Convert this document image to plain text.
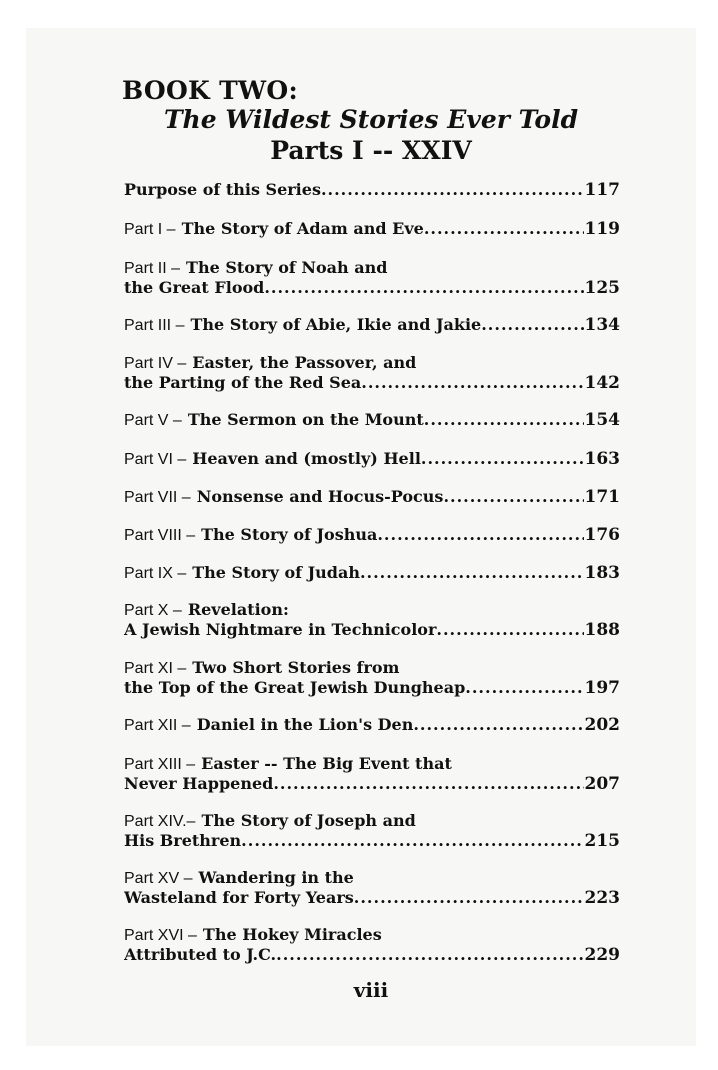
BOOK TWO:
The Wildest Stories Ever Told
Parts I -- XXIV
Purpose of this Series .....	117
Part I – The Story of Adam and Eve .....	119
Part II – The Story of Noah and
the Great Flood .....	125
Part III – The Story of Abie, Ikie and Jakie .....	134
Part IV – Easter, the Passover, and
the Parting of the Red Sea .....	142
Part V – The Sermon on the Mount .....	154
Part VI – Heaven and (mostly) Hell .....	163
Part VII – Nonsense and Hocus-Pocus .....	171
Part VIII – The Story of Joshua .....	176
Part IX – The Story of Judah .....	183
Part X – Revelation:
A Jewish Nightmare in Technicolor .....	188
Part XI – Two Short Stories from
the Top of the Great Jewish Dungheap .....	197
Part XII – Daniel in the Lion's Den .....	202
Part XIII – Easter -- The Big Event that
Never Happened .....	207
Part XIV.– The Story of Joseph and
His Brethren .....	215
Part XV – Wandering in the
Wasteland for Forty Years .....	223
Part XVI – The Hokey Miracles
Attributed to J.C. .....	229
viii
